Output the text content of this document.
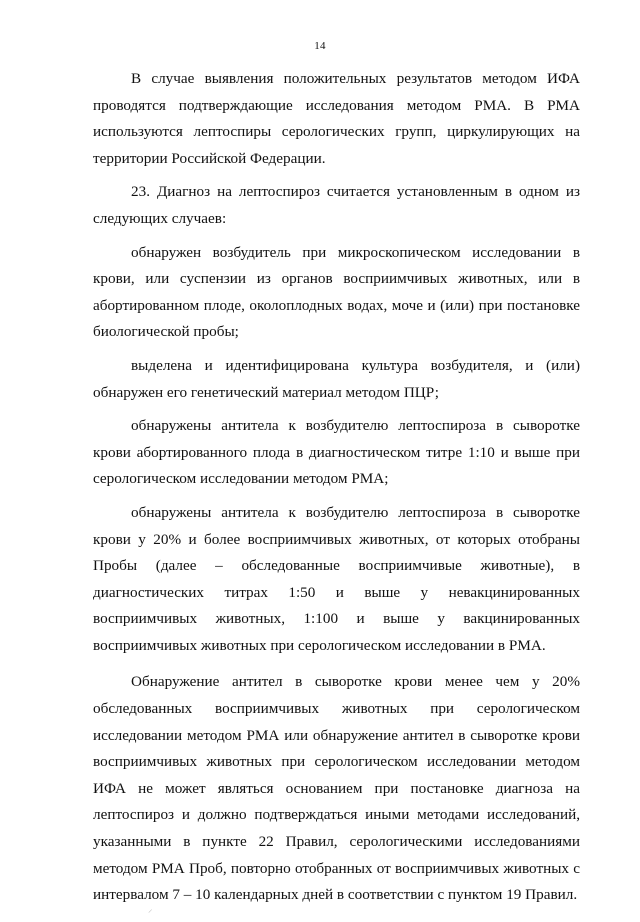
14

В случае выявления положительных результатов методом ИФА проводятся подтверждающие исследования методом РМА. В РМА используются лептоспиры серологических групп, циркулирующих на территории Российской Федерации.

23. Диагноз на лептоспироз считается установленным в одном из следующих случаев:

обнаружен возбудитель при микроскопическом исследовании в крови, или суспензии из органов восприимчивых животных, или в абортированном плоде, околоплодных водах, моче и (или) при постановке биологической пробы;

выделена и идентифицирована культура возбудителя, и (или) обнаружен его генетический материал методом ПЦР;

обнаружены антитела к возбудителю лептоспироза в сыворотке крови абортированного плода в диагностическом титре 1:10 и выше при серологическом исследовании методом РМА;

обнаружены антитела к возбудителю лептоспироза в сыворотке крови у 20% и более восприимчивых животных, от которых отобраны Пробы (далее – обследованные восприимчивые животные), в диагностических титрах 1:50 и выше у невакцинированных восприимчивых животных, 1:100 и выше у вакцинированных восприимчивых животных при серологическом исследовании в РМА.

Обнаружение антител в сыворотке крови менее чем у 20% обследованных восприимчивых животных при серологическом исследовании методом РМА или обнаружение антител в сыворотке крови восприимчивых животных при серологическом исследовании методом ИФА не может являться основанием при постановке диагноза на лептоспироз и должно подтверждаться иными методами исследований, указанными в пункте 22 Правил, серологическими исследованиями методом РМА Проб, повторно отобранных от восприимчивых животных с интервалом 7 – 10 календарных дней в соответствии с пунктом 19 Правил.

⸝
